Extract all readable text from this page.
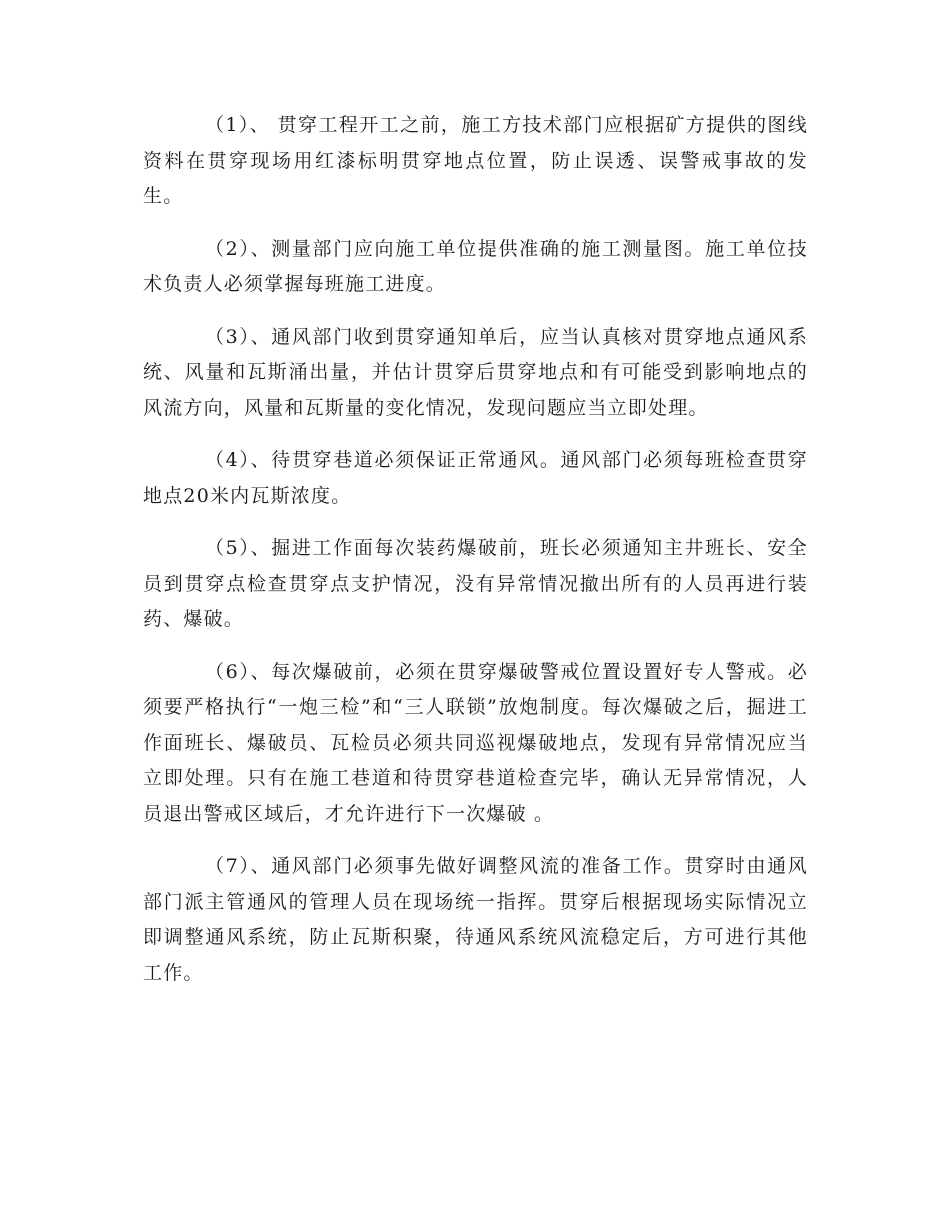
（1）、 贯穿工程开工之前，施工方技术部门应根据矿方提供的图线资料在贯穿现场用红漆标明贯穿地点位置，防止误透、误警戒事故的发生。

（2）、测量部门应向施工单位提供准确的施工测量图。施工单位技术负责人必须掌握每班施工进度。

（3）、通风部门收到贯穿通知单后，应当认真核对贯穿地点通风系统、风量和瓦斯涌出量，并估计贯穿后贯穿地点和有可能受到影响地点的风流方向，风量和瓦斯量的变化情况，发现问题应当立即处理。

（4）、待贯穿巷道必须保证正常通风。通风部门必须每班检查贯穿地点20米内瓦斯浓度。

（5）、掘进工作面每次装药爆破前，班长必须通知主井班长、安全员到贯穿点检查贯穿点支护情况，没有异常情况撤出所有的人员再进行装药、爆破。

（6）、每次爆破前，必须在贯穿爆破警戒位置设置好专人警戒。必须要严格执行“一炮三检”和“三人联锁”放炮制度。每次爆破之后，掘进工作面班长、爆破员、瓦检员必须共同巡视爆破地点，发现有异常情况应当立即处理。只有在施工巷道和待贯穿巷道检查完毕，确认无异常情况，人员退出警戒区域后，才允许进行下一次爆破 。

（7）、通风部门必须事先做好调整风流的准备工作。贯穿时由通风部门派主管通风的管理人员在现场统一指挥。贯穿后根据现场实际情况立即调整通风系统，防止瓦斯积聚，待通风系统风流稳定后，方可进行其他工作。
